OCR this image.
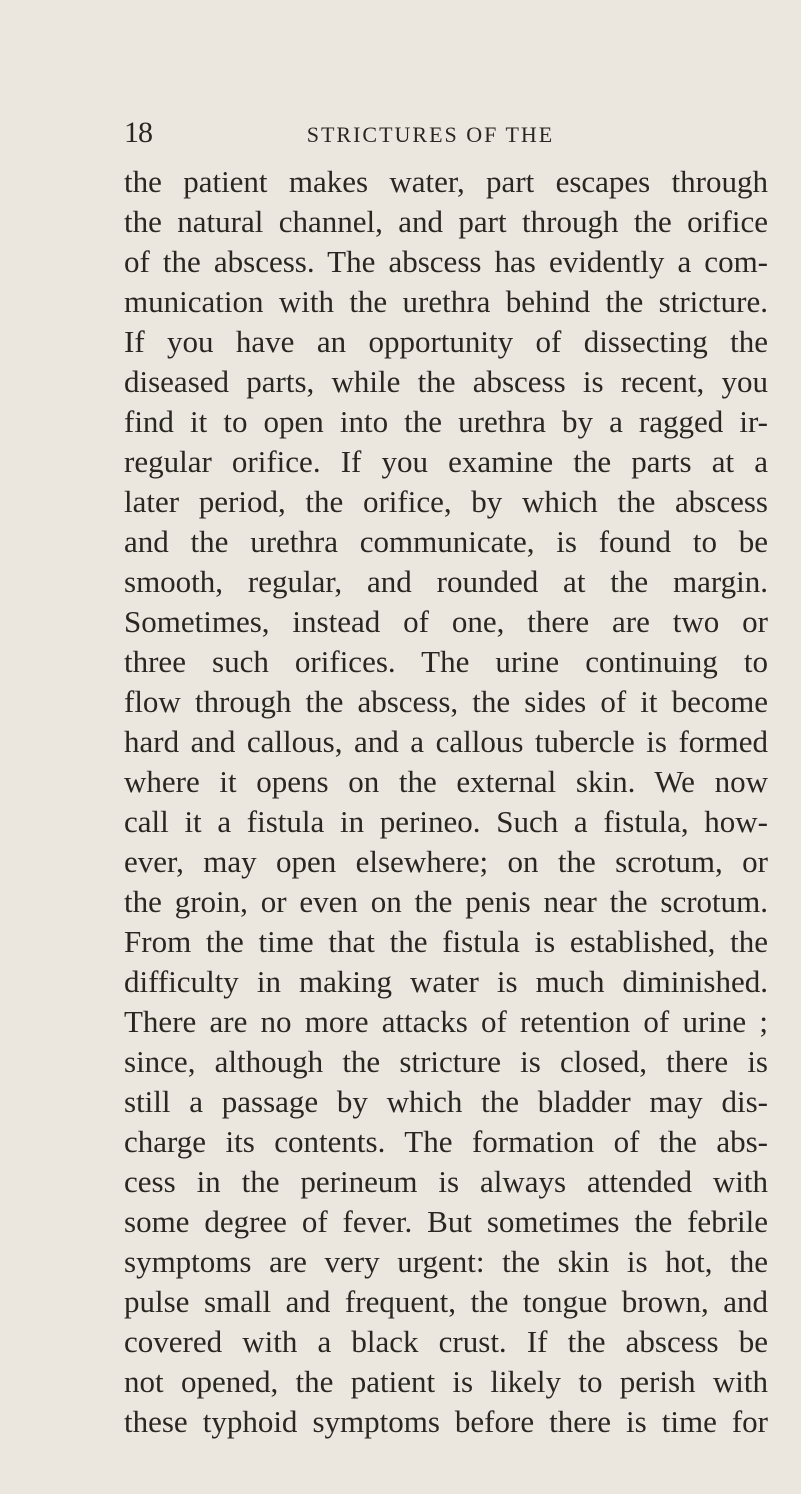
18	STRICTURES OF THE
the patient makes water, part escapes through
the natural channel, and part through the orifice
of the abscess. The abscess has evidently a com-
munication with the urethra behind the stricture.
If you have an opportunity of dissecting the
diseased parts, while the abscess is recent, you
find it to open into the urethra by a ragged ir-
regular orifice. If you examine the parts at a
later period, the orifice, by which the abscess
and the urethra communicate, is found to be
smooth, regular, and rounded at the margin.
Sometimes, instead of one, there are two or
three such orifices. The urine continuing to
flow through the abscess, the sides of it become
hard and callous, and a callous tubercle is formed
where it opens on the external skin. We now
call it a fistula in perineo. Such a fistula, how-
ever, may open elsewhere; on the scrotum, or
the groin, or even on the penis near the scrotum.
From the time that the fistula is established, the
difficulty in making water is much diminished.
There are no more attacks of retention of urine ;
since, although the stricture is closed, there is
still a passage by which the bladder may dis-
charge its contents. The formation of the abs-
cess in the perineum is always attended with
some degree of fever. But sometimes the febrile
symptoms are very urgent: the skin is hot, the
pulse small and frequent, the tongue brown, and
covered with a black crust. If the abscess be
not opened, the patient is likely to perish with
these typhoid symptoms before there is time for
